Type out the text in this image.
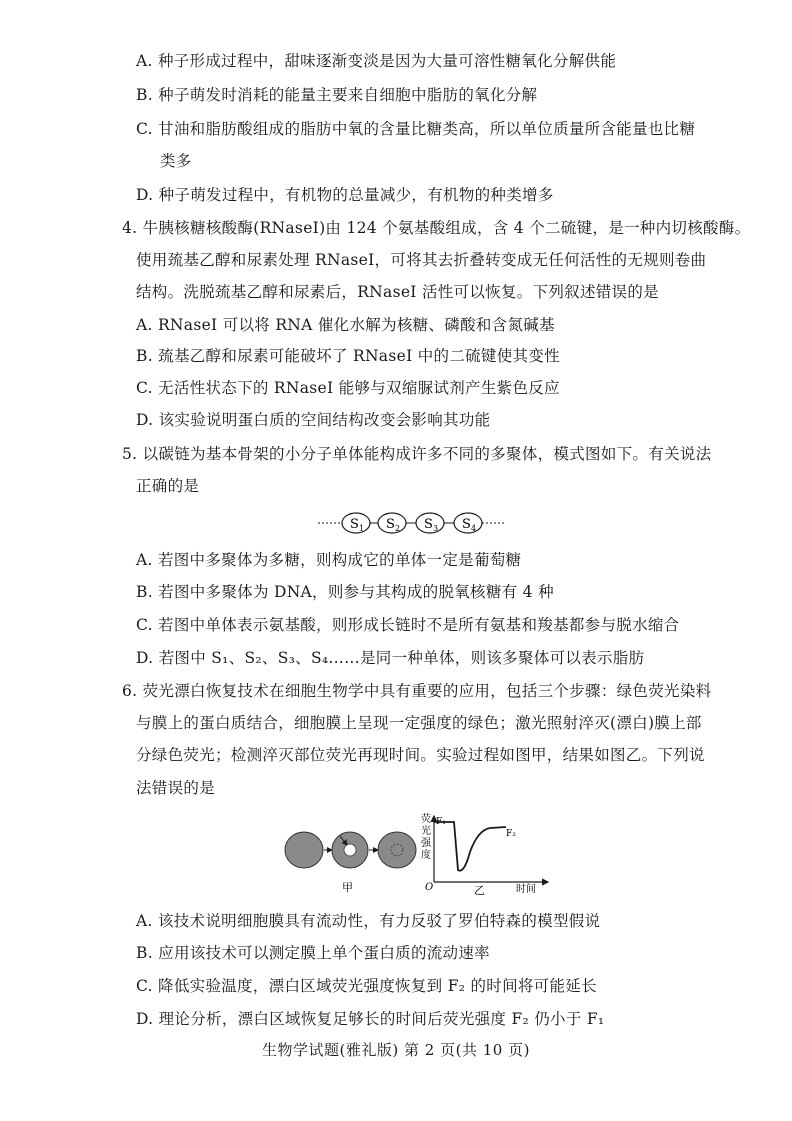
A. 种子形成过程中，甜味逐渐变淡是因为大量可溶性糖氧化分解供能
B. 种子萌发时消耗的能量主要来自细胞中脂肪的氧化分解
C. 甘油和脂肪酸组成的脂肪中氧的含量比糖类高，所以单位质量所含能量也比糖
类多
D. 种子萌发过程中，有机物的总量减少，有机物的种类增多
4. 牛胰核糖核酸酶(RNaseI)由 124 个氨基酸组成，含 4 个二硫键，是一种内切核酸酶。
使用巯基乙醇和尿素处理 RNaseI，可将其去折叠转变成无任何活性的无规则卷曲
结构。洗脱巯基乙醇和尿素后，RNaseI 活性可以恢复。下列叙述错误的是
A. RNaseI 可以将 RNA 催化水解为核糖、磷酸和含氮碱基
B. 巯基乙醇和尿素可能破坏了 RNaseI 中的二硫键使其变性
C. 无活性状态下的 RNaseI 能够与双缩脲试剂产生紫色反应
D. 该实验说明蛋白质的空间结构改变会影响其功能
5. 以碳链为基本骨架的小分子单体能构成许多不同的多聚体，模式图如下。有关说法
正确的是
S 1 S 2 S 3 S 4
A. 若图中多聚体为多糖，则构成它的单体一定是葡萄糖
B. 若图中多聚体为 DNA，则参与其构成的脱氧核糖有 4 种
C. 若图中单体表示氨基酸，则形成长链时不是所有氨基和羧基都参与脱水缩合
D. 若图中 S₁、S₂、S₃、S₄……是同一种单体，则该多聚体可以表示脂肪
6. 荧光漂白恢复技术在细胞生物学中具有重要的应用，包括三个步骤：绿色荧光染料
与膜上的蛋白质结合，细胞膜上呈现一定强度的绿色；激光照射淬灭(漂白)膜上部
分绿色荧光；检测淬灭部位荧光再现时间。实验过程如图甲，结果如图乙。下列说
法错误的是
甲
荧
光
强
度
F₁
F₂
O	乙	时间
A. 该技术说明细胞膜具有流动性，有力反驳了罗伯特森的模型假说
B. 应用该技术可以测定膜上单个蛋白质的流动速率
C. 降低实验温度，漂白区域荧光强度恢复到 F₂ 的时间将可能延长
D. 理论分析，漂白区域恢复足够长的时间后荧光强度 F₂ 仍小于 F₁
生物学试题(雅礼版) 第 2 页(共 10 页)
